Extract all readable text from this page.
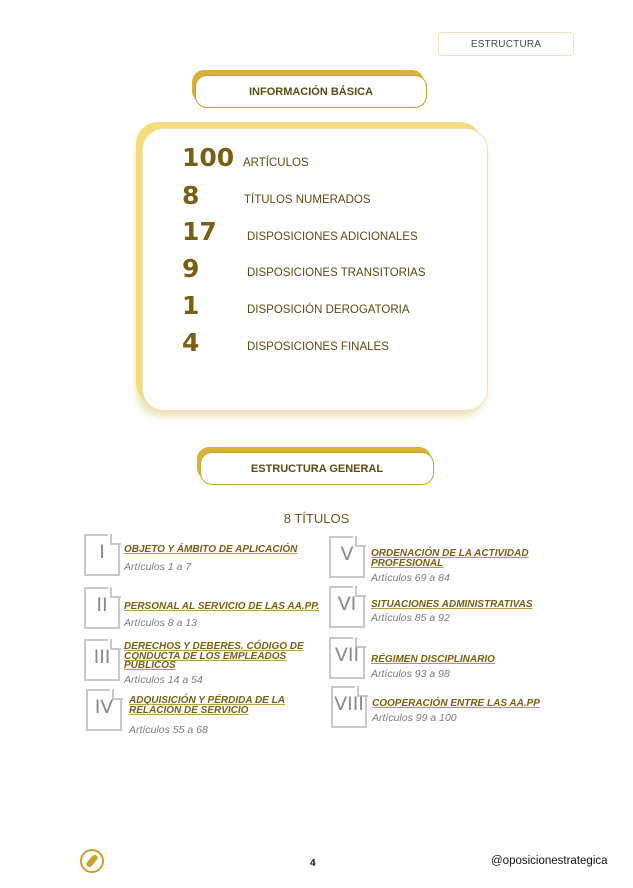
ESTRUCTURA
INFORMACIÓN BÁSICA
100 ARTÍCULOS
8	TÍTULOS NUMERADOS
17	DISPOSICIONES ADICIONALES
9	DISPOSICIONES TRANSITORIAS
1	DISPOSICIÓN DEROGATORIA
4	DISPOSICIONES FINALES
ESTRUCTURA GENERAL
8 TÍTULOS
I	OBJETO Y ÁMBITO DE APLICACIÓN
Artículos 1 a 7
II	PERSONAL AL SERVICIO DE LAS AA.PP.
Artículos 8 a 13
III	DERECHOS Y DEBERES. CÓDIGO DE CONDUCTA DE LOS EMPLEADOS PÚBLICOS
Artículos 14 a 54
IV	ADQUISICIÓN Y PÉRDIDA DE LA RELACIÓN DE SERVICIO
Artículos 55 a 68
V	ORDENACIÓN DE LA ACTIVIDAD PROFESIONAL
Artículos 69 a 84
VI	SITUACIONES ADMINISTRATIVAS
Artículos 85 a 92
VII	RÉGIMEN DISCIPLINARIO
Artículos 93 a 98
VIII COOPERACIÓN ENTRE LAS AA.PP
Artículos 99 a 100
4	@oposicionestrategica
